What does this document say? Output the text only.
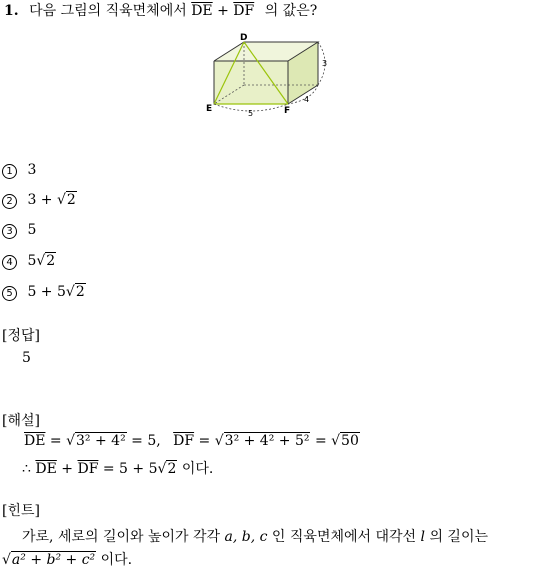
1. 다음 그림의 직육면체에서 $\overline{DE} + \overline{DF}$ 의 값은?
D
E	F
3
4
5
1 3
2 3 + √2
3 5
4 5√2
5 5 + 5√2
[정답]
5
[해설]
$\overline{DE} = √3^2 + 4^2 = 5$, $\overline{DF} = √3^2 + 4^2 + 5^2 = √50$
∴ $\overline{DE} + \overline{DF} = 5 + 5√2$ 이다.
[힌트]
가로, 세로의 길이와 높이가 각각 a, b, c 인 직육면체에서 대각선 l 의 길이는
√a² + b² + c² 이다.
